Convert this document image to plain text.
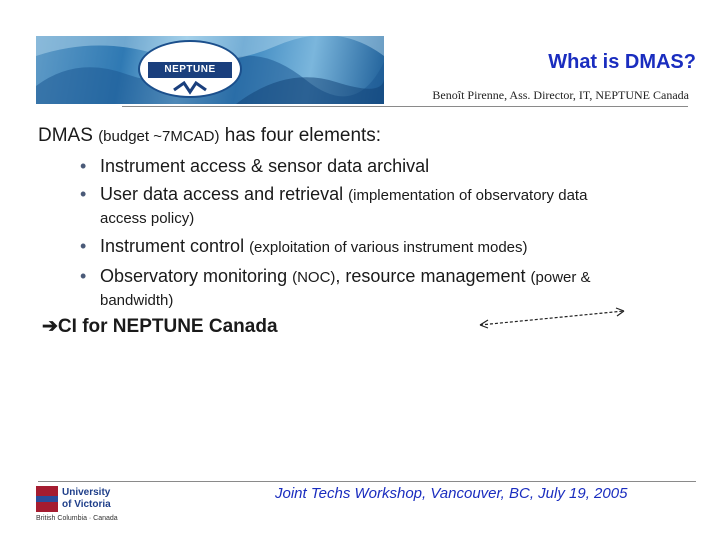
NEPTUNE	What is DMAS?

Benoît Pirenne, Ass. Director, IT, NEPTUNE Canada

DMAS (budget ~7MCAD) has four elements:

• Instrument access & sensor data archival
• User data access and retrieval (implementation of observatory data
access policy)
• Instrument control (exploitation of various instrument modes)
• Observatory monitoring (NOC), resource management (power &
bandwidth)

➔CI for NEPTUNE Canada

University

of Victoria

British Columbia · Canada

Joint Techs Workshop, Vancouver, BC, July 19, 2005
